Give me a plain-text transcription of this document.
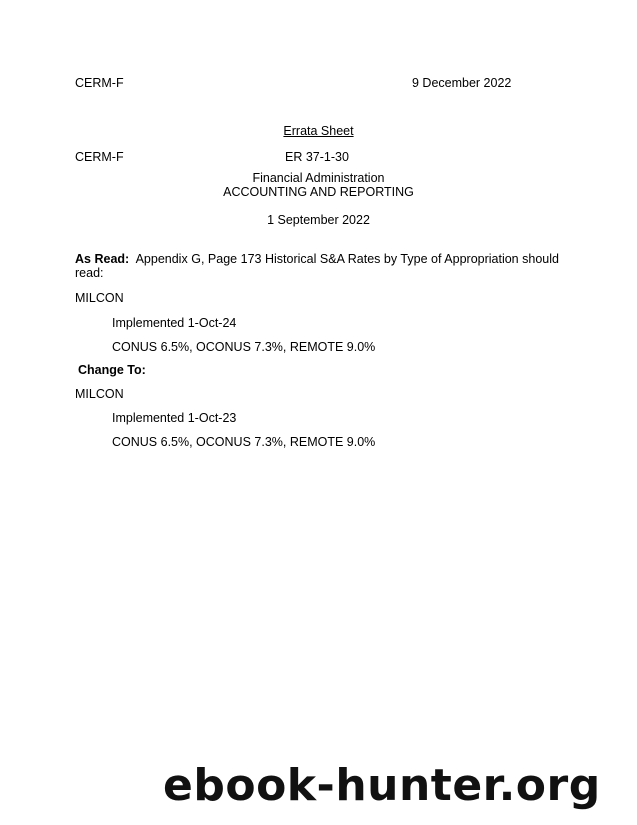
CERM-F	9 December 2022
Errata Sheet
CERM-F	ER 37-1-30
Financial Administration
ACCOUNTING AND REPORTING
1 September 2022
As Read: Appendix G, Page 173 Historical S&A Rates by Type of Appropriation should read:
MILCON
Implemented 1-Oct-24
CONUS 6.5%, OCONUS 7.3%, REMOTE 9.0%
Change To:
MILCON
Implemented 1-Oct-23
CONUS 6.5%, OCONUS 7.3%, REMOTE 9.0%
ebook-hunter.org
